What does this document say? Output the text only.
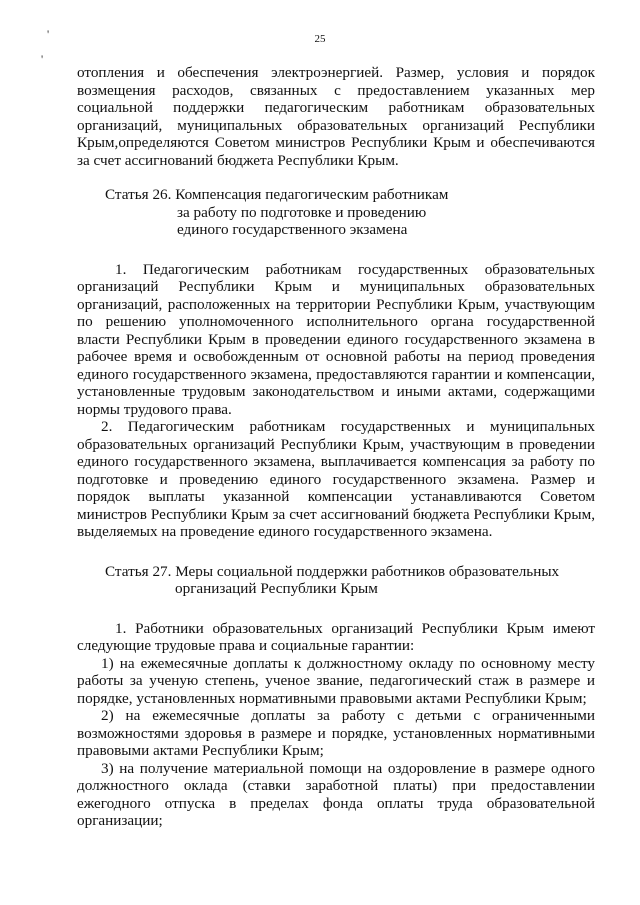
'
'
25

отопления и обеспечения электроэнергией. Размер, условия и порядок возмещения расходов, связанных с предоставлением указанных мер социальной поддержки педагогическим работникам образовательных организаций, муниципальных образовательных организаций Республики Крым,определяются Советом министров Республики Крым и обеспечиваются за счет ассигнований бюджета Республики Крым.

Статья 26. Компенсация педагогическим работникам
за работу по подготовке и проведению
единого государственного экзамена

1. Педагогическим работникам государственных образовательных организаций Республики Крым и муниципальных образовательных организаций, расположенных на территории Республики Крым, участвующим по решению уполномоченного исполнительного органа государственной власти Республики Крым в проведении единого государственного экзамена в рабочее время и освобожденным от основной работы на период проведения единого государственного экзамена, предоставляются гарантии и компенсации, установленные трудовым законодательством и иными актами, содержащими нормы трудового права.

2. Педагогическим работникам государственных и муниципальных образовательных организаций Республики Крым, участвующим в проведении единого государственного экзамена, выплачивается компенсация за работу по подготовке и проведению единого государственного экзамена. Размер и порядок выплаты указанной компенсации устанавливаются Советом министров Республики Крым за счет ассигнований бюджета Республики Крым, выделяемых на проведение единого государственного экзамена.

Статья 27. Меры социальной поддержки работников образовательных
организаций Республики Крым

1. Работники образовательных организаций Республики Крым имеют следующие трудовые права и социальные гарантии:

1) на ежемесячные доплаты к должностному окладу по основному месту работы за ученую степень, ученое звание, педагогический стаж в размере и порядке, установленных нормативными правовыми актами Республики Крым;

2) на ежемесячные доплаты за работу с детьми с ограниченными возможностями здоровья в размере и порядке, установленных нормативными правовыми актами Республики Крым;

3) на получение материальной помощи на оздоровление в размере одного должностного оклада (ставки заработной платы) при предоставлении ежегодного отпуска в пределах фонда оплаты труда образовательной организации;
